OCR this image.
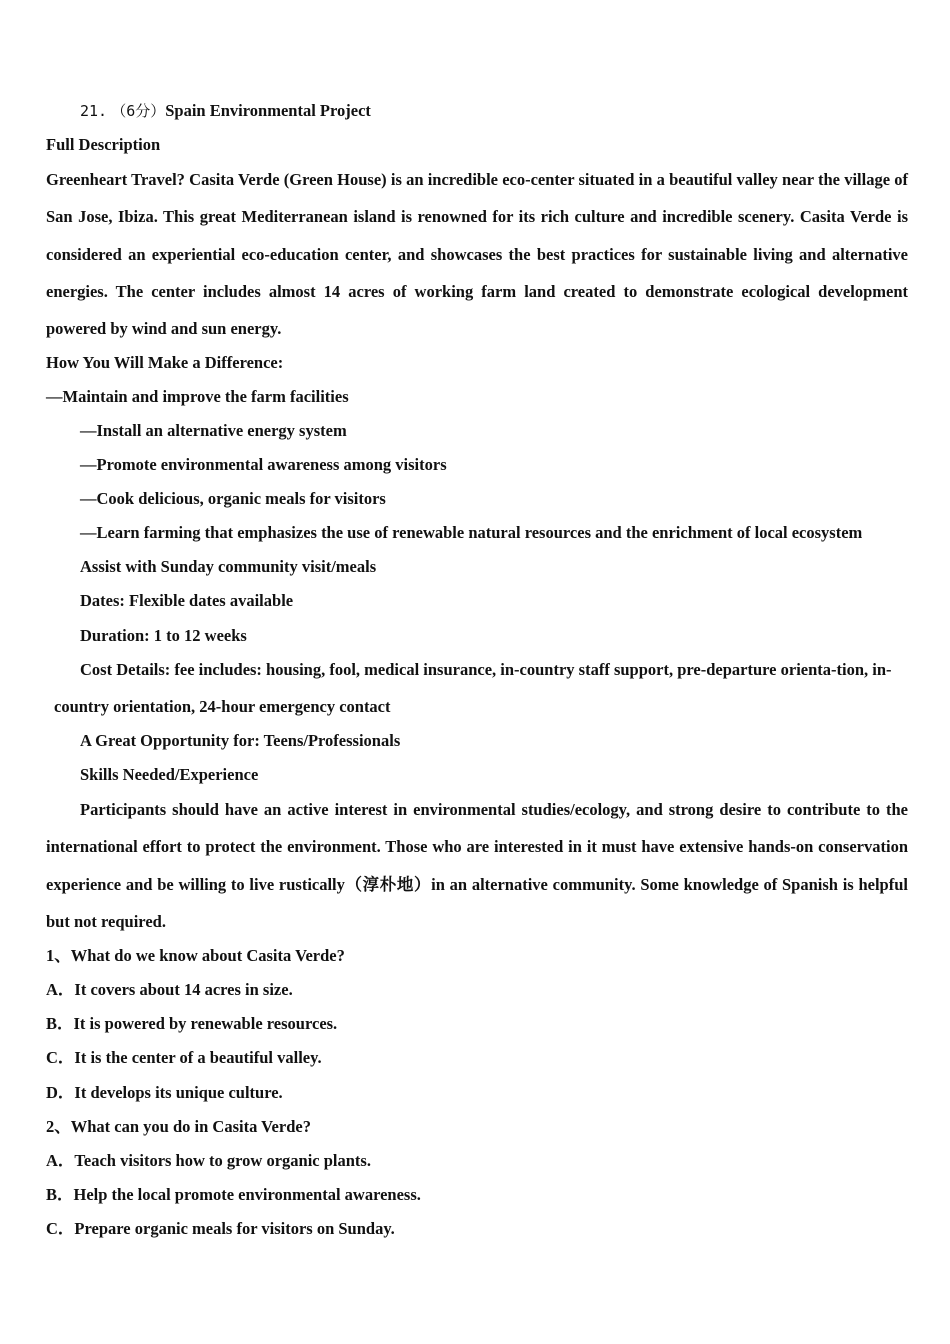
21. （6分）Spain Environmental Project
Full Description
Greenheart Travel? Casita Verde (Green House) is an incredible eco-center situated in a beautiful valley near the village of San Jose, Ibiza. This great Mediterranean island is renowned for its rich culture and incredible scenery. Casita Verde is considered an experiential eco-education center, and showcases the best practices for sustainable living and alternative energies. The center includes almost 14 acres of working farm land created to demonstrate ecological development powered by wind and sun energy.
How You Will Make a Difference:
—Maintain and improve the farm facilities
—Install an alternative energy system
—Promote environmental awareness among visitors
—Cook delicious, organic meals for visitors
—Learn farming that emphasizes the use of renewable natural resources and the enrichment of local ecosystem
Assist with Sunday community visit/meals
Dates: Flexible dates available
Duration: 1 to 12 weeks
Cost Details: fee includes: housing, fool, medical insurance, in-country staff support, pre-departure orienta-tion, in-
country orientation, 24-hour emergency contact
A Great Opportunity for: Teens/Professionals
Skills Needed/Experience
Participants should have an active interest in environmental studies/ecology, and strong desire to contribute to the international effort to protect the environment. Those who are interested in it must have extensive hands-on conservation experience and be willing to live rustically（淳朴地）in an alternative community. Some knowledge of Spanish is helpful but not required.
1、What do we know about Casita Verde?
A．It covers about 14 acres in size.
B．It is powered by renewable resources.
C．It is the center of a beautiful valley.
D．It develops its unique culture.
2、What can you do in Casita Verde?
A．Teach visitors how to grow organic plants.
B．Help the local promote environmental awareness.
C．Prepare organic meals for visitors on Sunday.
